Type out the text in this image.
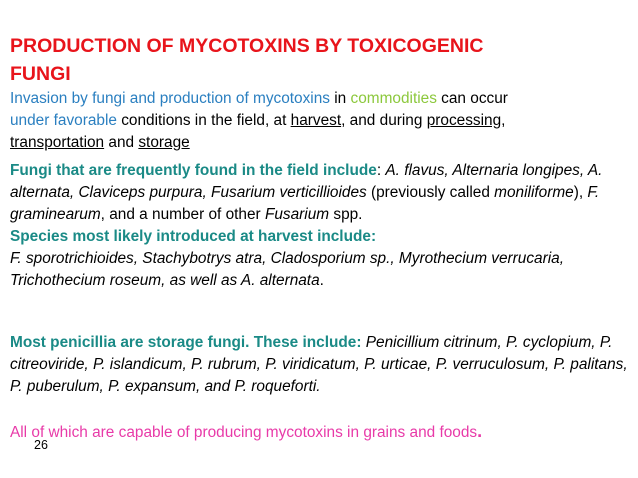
PRODUCTION OF MYCOTOXINS BY TOXICOGENIC
FUNGI

Invasion by fungi and production of mycotoxins in commodities can occur
under favorable conditions in the field, at harvest, and during processing,
transportation and storage

Fungi that are frequently found in the field include: A. flavus, Alternaria longipes, A. alternata, Claviceps purpura, Fusarium verticillioides (previously called moniliforme), F. graminearum, and a number of other Fusarium spp.
Species most likely introduced at harvest include:
F. sporotrichioides, Stachybotrys atra, Cladosporium sp., Myrothecium verrucaria, Trichothecium roseum, as well as A. alternata.

Most penicillia are storage fungi. These include: Penicillium citrinum, P. cyclopium, P. citreoviride, P. islandicum, P. rubrum, P. viridicatum, P. urticae, P. verruculosum, P. palitans, P. puberulum, P. expansum, and P. roqueforti.

All of which are capable of producing mycotoxins in grains and foods.

26
